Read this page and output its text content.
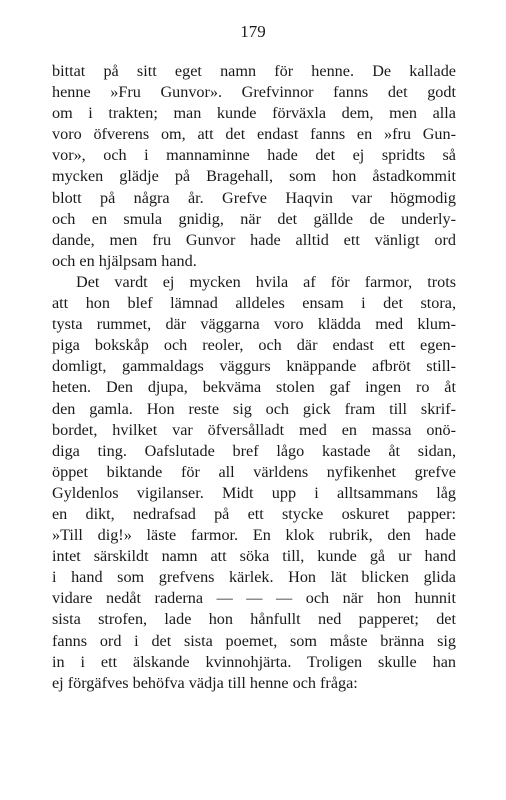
179
bittat på sitt eget namn för henne. De kallade
henne »Fru Gunvor». Grefvinnor fanns det godt
om i trakten; man kunde förväxla dem, men alla
voro öfverens om, att det endast fanns en »fru Gun-
vor», och i mannaminne hade det ej spridts så
mycken glädje på Bragehall, som hon åstadkommit
blott på några år. Grefve Haqvin var högmodig
och en smula gnidig, när det gällde de underly-
dande, men fru Gunvor hade alltid ett vänligt ord
och en hjälpsam hand.
Det vardt ej mycken hvila af för farmor, trots
att hon blef lämnad alldeles ensam i det stora,
tysta rummet, där väggarna voro klädda med klum-
piga bokskåp och reoler, och där endast ett egen-
domligt, gammaldags väggurs knäppande afbröt still-
heten. Den djupa, bekväma stolen gaf ingen ro åt
den gamla. Hon reste sig och gick fram till skrif-
bordet, hvilket var öfversålladt med en massa onö-
diga ting. Oafslutade bref lågo kastade åt sidan,
öppet biktande för all världens nyfikenhet grefve
Gyldenlos vigilanser. Midt upp i alltsammans låg
en dikt, nedrafsad på ett stycke oskuret papper:
»Till dig!» läste farmor. En klok rubrik, den hade
intet särskildt namn att söka till, kunde gå ur hand
i hand som grefvens kärlek. Hon lät blicken glida
vidare nedåt raderna — — — och när hon hunnit
sista strofen, lade hon hånfullt ned papperet; det
fanns ord i det sista poemet, som måste bränna sig
in i ett älskande kvinnohjärta. Troligen skulle han
ej förgäfves behöfva vädja till henne och fråga:
